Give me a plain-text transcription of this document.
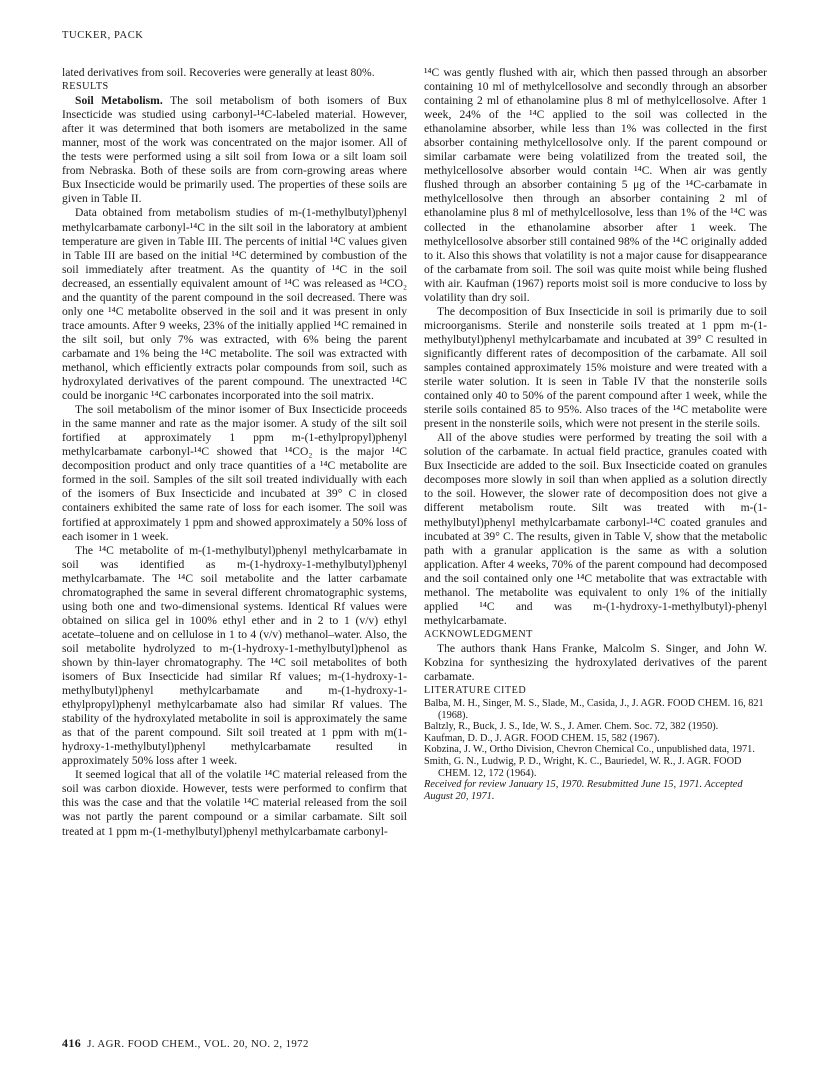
TUCKER, PACK

lated derivatives from soil. Recoveries were generally at least 80%.

RESULTS

Soil Metabolism. The soil metabolism of both isomers of Bux Insecticide was studied using carbonyl-¹⁴C-labeled material. However, after it was determined that both isomers are metabolized in the same manner, most of the work was concentrated on the major isomer. All of the tests were performed using a silt soil from Iowa or a silt loam soil from Nebraska. Both of these soils are from corn-growing areas where Bux Insecticide would be primarily used. The properties of these soils are given in Table II.

Data obtained from metabolism studies of m-(1-methylbutyl)phenyl methylcarbamate carbonyl-¹⁴C in the silt soil in the laboratory at ambient temperature are given in Table III. The percents of initial ¹⁴C values given in Table III are based on the initial ¹⁴C determined by combustion of the soil immediately after treatment. As the quantity of ¹⁴C in the soil decreased, an essentially equivalent amount of ¹⁴C was released as ¹⁴CO₂ and the quantity of the parent compound in the soil decreased. There was only one ¹⁴C metabolite observed in the soil and it was present in only trace amounts. After 9 weeks, 23% of the initially applied ¹⁴C remained in the silt soil, but only 7% was extracted, with 6% being the parent carbamate and 1% being the ¹⁴C metabolite. The soil was extracted with methanol, which efficiently extracts polar compounds from soil, such as hydroxylated derivatives of the parent compound. The unextracted ¹⁴C could be inorganic ¹⁴C carbonates incorporated into the soil matrix.

The soil metabolism of the minor isomer of Bux Insecticide proceeds in the same manner and rate as the major isomer. A study of the silt soil fortified at approximately 1 ppm m-(1-ethylpropyl)phenyl methylcarbamate carbonyl-¹⁴C showed that ¹⁴CO₂ is the major ¹⁴C decomposition product and only trace quantities of a ¹⁴C metabolite are formed in the soil. Samples of the silt soil treated individually with each of the isomers of Bux Insecticide and incubated at 39° C in closed containers exhibited the same rate of loss for each isomer. The soil was fortified at approximately 1 ppm and showed approximately a 50% loss of each isomer in 1 week.

The ¹⁴C metabolite of m-(1-methylbutyl)phenyl methylcarbamate in soil was identified as m-(1-hydroxy-1-methylbutyl)phenyl methylcarbamate. The ¹⁴C soil metabolite and the latter carbamate chromatographed the same in several different chromatographic systems, using both one and two-dimensional systems. Identical Rf values were obtained on silica gel in 100% ethyl ether and in 2 to 1 (v/v) ethyl acetate–toluene and on cellulose in 1 to 4 (v/v) methanol–water. Also, the soil metabolite hydrolyzed to m-(1-hydroxy-1-methylbutyl)phenol as shown by thin-layer chromatography. The ¹⁴C soil metabolites of both isomers of Bux Insecticide had similar Rf values; m-(1-hydroxy-1-methylbutyl)phenyl methylcarbamate and m-(1-hydroxy-1-ethylpropyl)phenyl methylcarbamate also had similar Rf values. The stability of the hydroxylated metabolite in soil is approximately the same as that of the parent compound. Silt soil treated at 1 ppm with m(1-hydroxy-1-methylbutyl)phenyl methylcarbamate resulted in approximately 50% loss after 1 week.

It seemed logical that all of the volatile ¹⁴C material released from the soil was carbon dioxide. However, tests were performed to confirm that this was the case and that the volatile ¹⁴C material released from the soil was not partly the parent compound or a similar carbamate. Silt soil treated at 1 ppm m-(1-methylbutyl)phenyl methylcarbamate carbonyl-

¹⁴C was gently flushed with air, which then passed through an absorber containing 10 ml of methylcellosolve and secondly through an absorber containing 2 ml of ethanolamine plus 8 ml of methylcellosolve. After 1 week, 24% of the ¹⁴C applied to the soil was collected in the ethanolamine absorber, while less than 1% was collected in the first absorber containing methylcellosolve only. If the parent compound or similar carbamate were being volatilized from the treated soil, the methylcellosolve absorber would contain ¹⁴C. When air was gently flushed through an absorber containing 5 μg of the ¹⁴C-carbamate in methylcellosolve then through an absorber containing 2 ml of ethanolamine plus 8 ml of methylcellosolve, less than 1% of the ¹⁴C was collected in the ethanolamine absorber after 1 week. The methylcellosolve absorber still contained 98% of the ¹⁴C originally added to it. Also this shows that volatility is not a major cause for disappearance of the carbamate from soil. The soil was quite moist while being flushed with air. Kaufman (1967) reports moist soil is more conducive to loss by volatility than dry soil.

The decomposition of Bux Insecticide in soil is primarily due to soil microorganisms. Sterile and nonsterile soils treated at 1 ppm m-(1-methylbutyl)phenyl methylcarbamate and incubated at 39° C resulted in significantly different rates of decomposition of the carbamate. All soil samples contained approximately 15% moisture and were treated with a sterile water solution. It is seen in Table IV that the nonsterile soils contained only 40 to 50% of the parent compound after 1 week, while the sterile soils contained 85 to 95%. Also traces of the ¹⁴C metabolite were present in the nonsterile soils, which were not present in the sterile soils.

All of the above studies were performed by treating the soil with a solution of the carbamate. In actual field practice, granules coated with Bux Insecticide are added to the soil. Bux Insecticide coated on granules decomposes more slowly in soil than when applied as a solution directly to the soil. However, the slower rate of decomposition does not give a different metabolism route. Silt was treated with m-(1-methylbutyl)phenyl methylcarbamate carbonyl-¹⁴C coated granules and incubated at 39° C. The results, given in Table V, show that the metabolic path with a granular application is the same as with a solution application. After 4 weeks, 70% of the parent compound had decomposed and the soil contained only one ¹⁴C metabolite that was extractable with methanol. The metabolite was equivalent to only 1% of the initially applied ¹⁴C and was m-(1-hydroxy-1-methylbutyl)-phenyl methylcarbamate.

ACKNOWLEDGMENT

The authors thank Hans Franke, Malcolm S. Singer, and John W. Kobzina for synthesizing the hydroxylated derivatives of the parent carbamate.

LITERATURE CITED

Balba, M. H., Singer, M. S., Slade, M., Casida, J., J. AGR. FOOD CHEM. 16, 821 (1968).

Baltzly, R., Buck, J. S., Ide, W. S., J. Amer. Chem. Soc. 72, 382 (1950).

Kaufman, D. D., J. AGR. FOOD CHEM. 15, 582 (1967).

Kobzina, J. W., Ortho Division, Chevron Chemical Co., unpublished data, 1971.

Smith, G. N., Ludwig, P. D., Wright, K. C., Bauriedel, W. R., J. AGR. FOOD CHEM. 12, 172 (1964).

Received for review January 15, 1970. Resubmitted June 15, 1971. Accepted August 20, 1971.

416 J. AGR. FOOD CHEM., VOL. 20, NO. 2, 1972
